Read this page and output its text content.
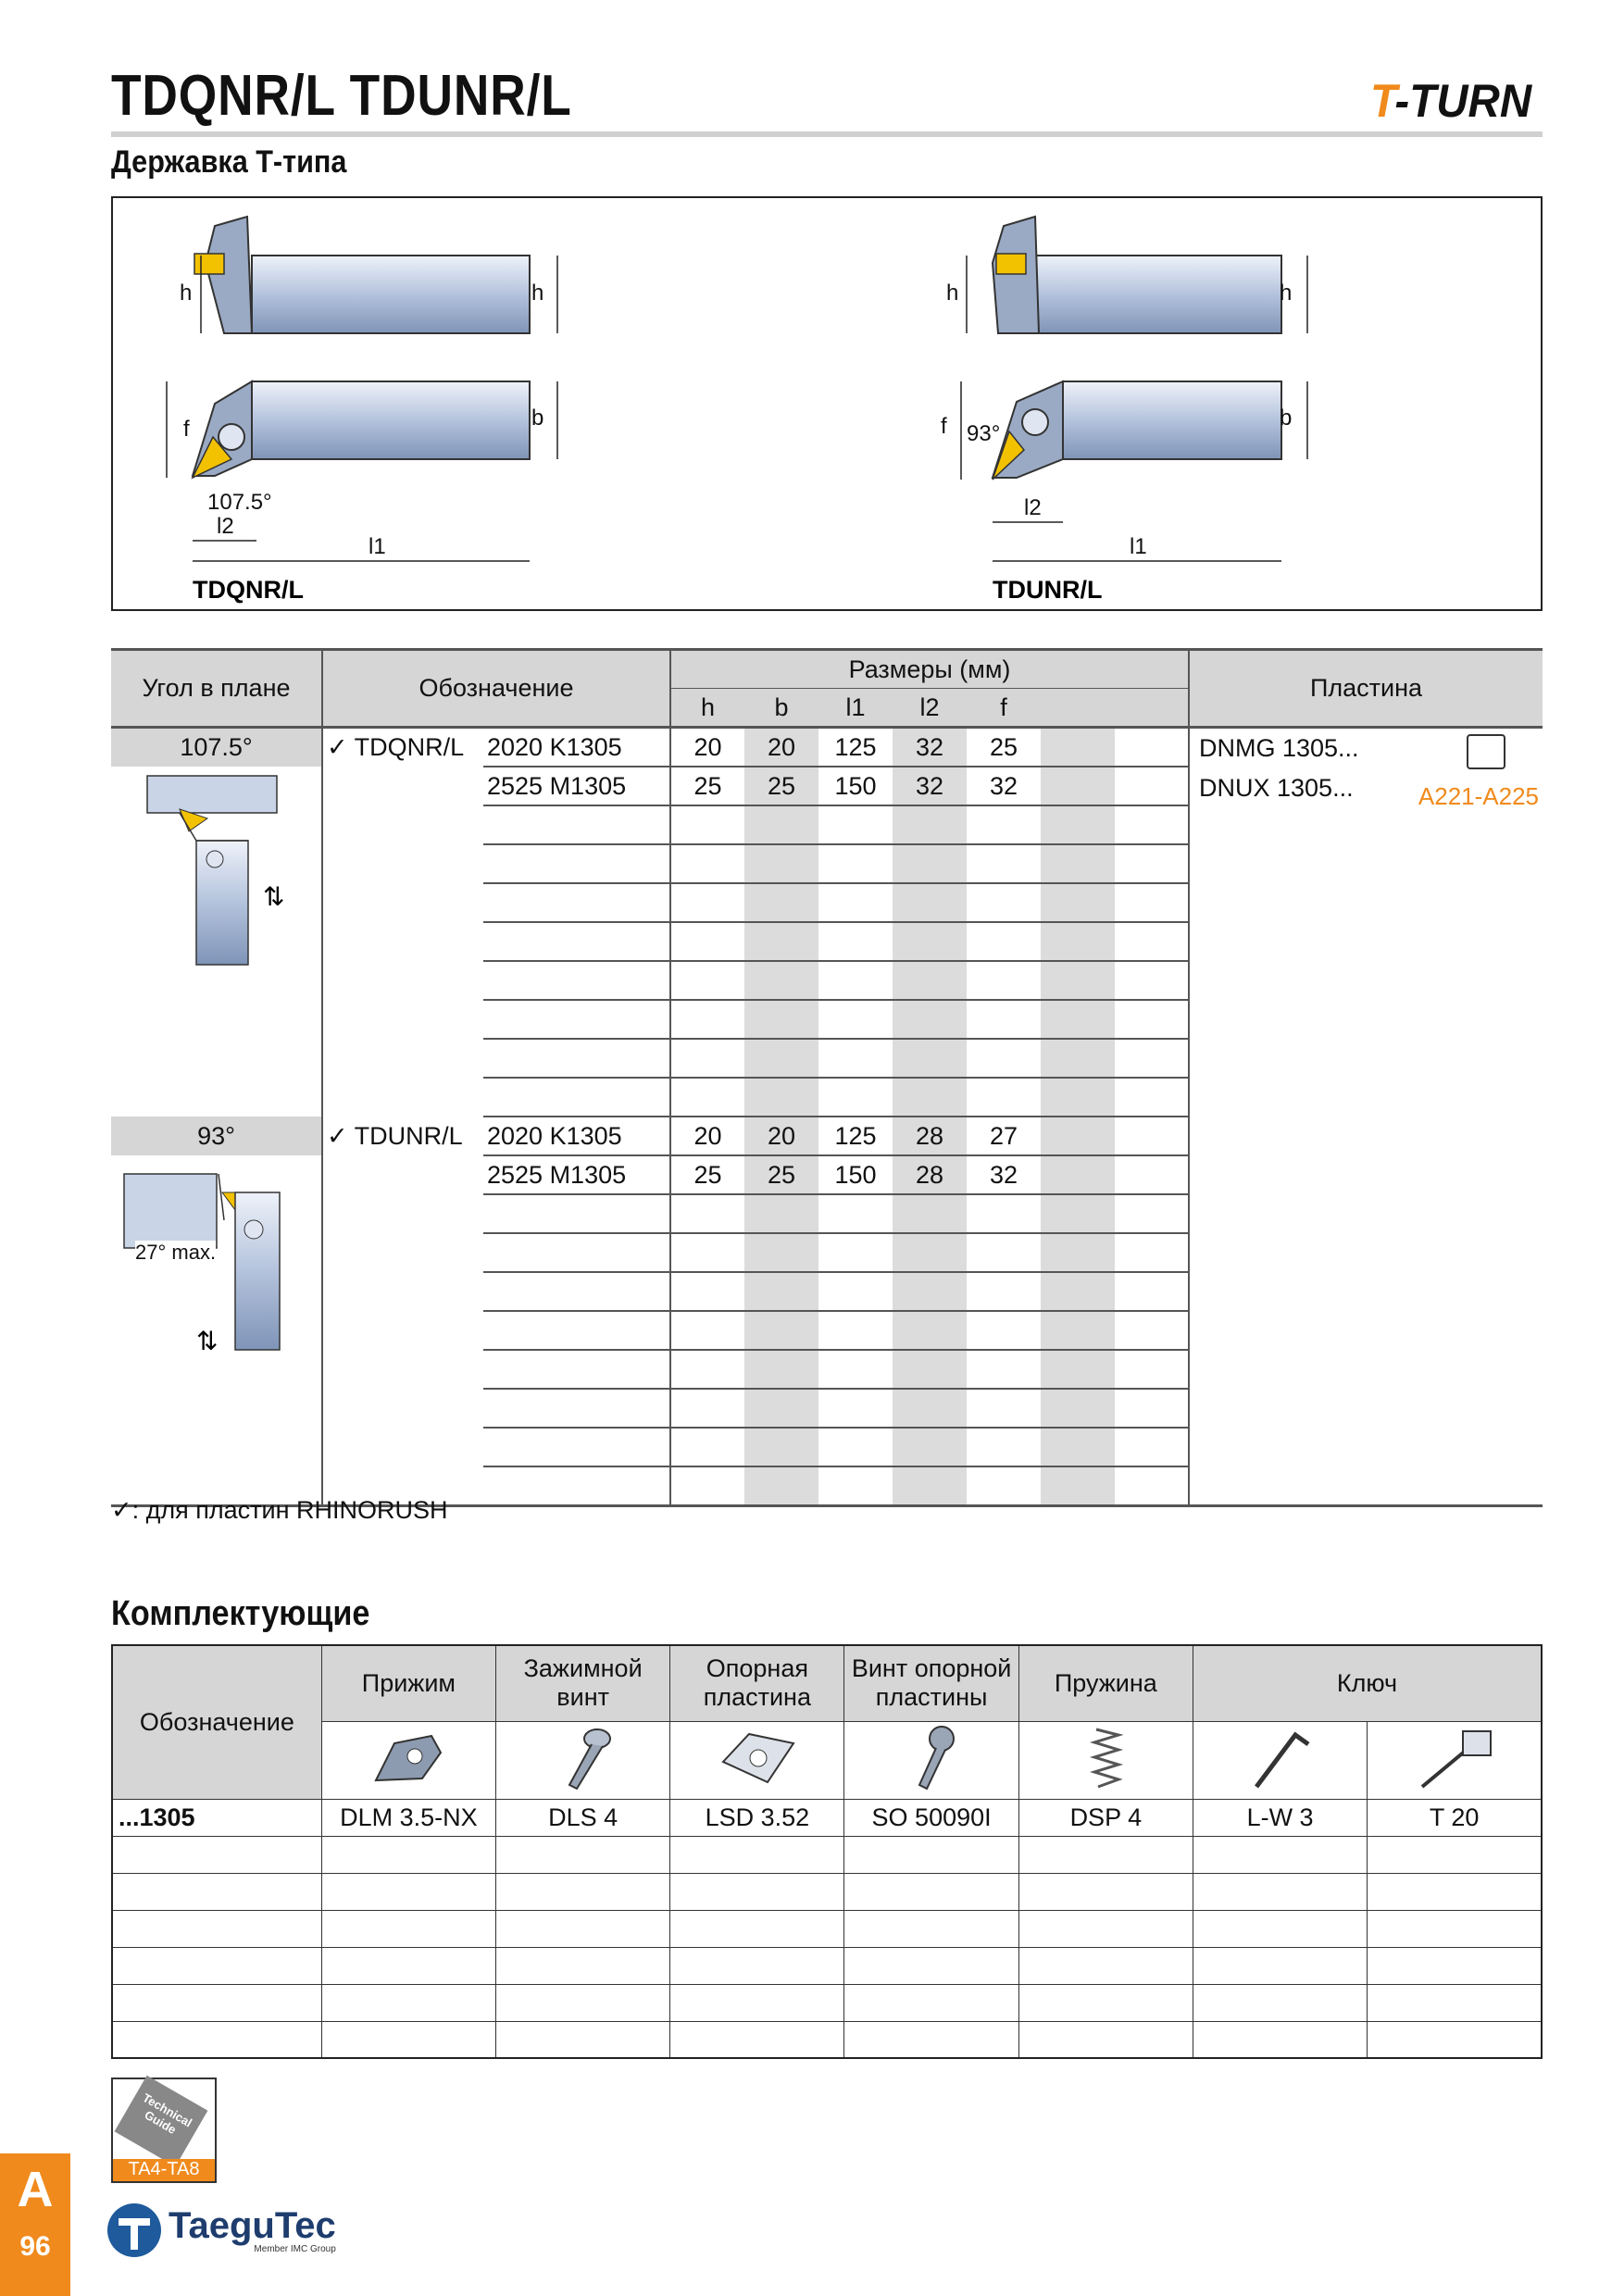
TDQNR/L TDUNR/L	T-TURN
Державка Т-типа
h	h
f	b
107.5°
l2
l1
TDQNR/L
h	h
f 93°
b
l2
l1
TDUNR/L
Угол в плане	Обозначение		Размеры (мм)							Пластина
			h	b	l1	l2	f			
107.5°	✓ TDQNR/L	2020 K1305	20	20	125	32	25			DNMG 1305...
DNUX 1305... A221-A225

⇅		2525 M1305	25	25	150	32	32			

93°	✓ TDUNR/L	2020 K1305	20	20	125	28	27			

⇅
27° max.		2525 M1305	25	25	150	28	32			

✓: для пластин RHINORUSH
Комплектующие
Обозначение	Прижим	Зажимной винт	Опорная пластина	Винт опорной пластины	Пружина	Ключ	

...1305	DLM 3.5-NX	DLS 4	LSD 3.52	SO 50090I	DSP 4	L-W 3	T 20

Technical Guide
TA4-TA8
A
96
TaeguTec
Member IMC Group
